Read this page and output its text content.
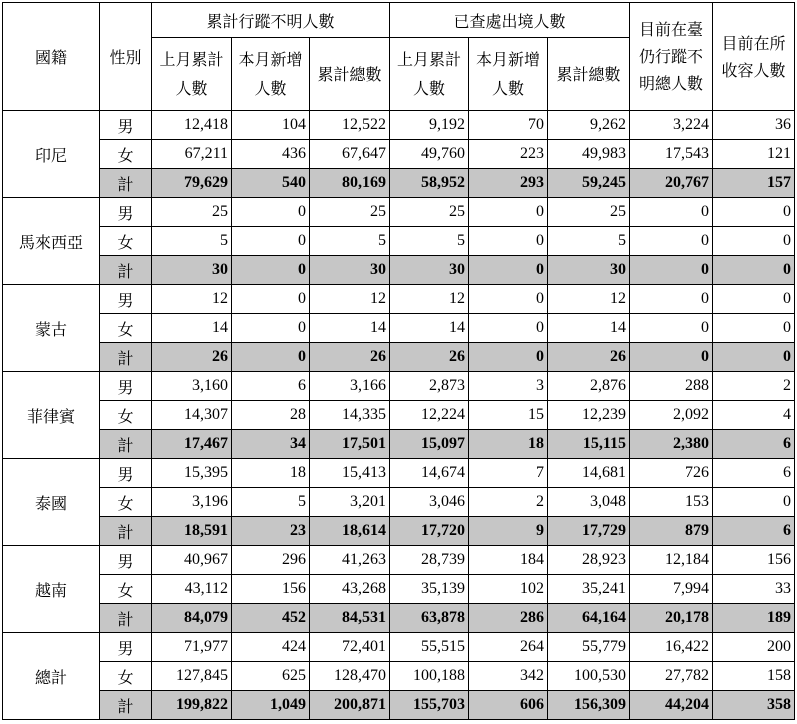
國籍	性別	累計行蹤不明人數			已查處出境人數			目前在臺仍行蹤不明總人數	目前在所收容人數
		上月累計人數	本月新增人數	累計總數	上月累計人數	本月新增人數	累計總數		
印尼	男	12,418	104	12,522	9,192	70	9,262	3,224	36
	女	67,211	436	67,647	49,760	223	49,983	17,543	121
	計	79,629	540	80,169	58,952	293	59,245	20,767	157
馬來西亞	男	25	0	25	25	0	25	0	0
	女	5	0	5	5	0	5	0	0
	計	30	0	30	30	0	30	0	0
蒙古	男	12	0	12	12	0	12	0	0
	女	14	0	14	14	0	14	0	0
	計	26	0	26	26	0	26	0	0
菲律賓	男	3,160	6	3,166	2,873	3	2,876	288	2
	女	14,307	28	14,335	12,224	15	12,239	2,092	4
	計	17,467	34	17,501	15,097	18	15,115	2,380	6
泰國	男	15,395	18	15,413	14,674	7	14,681	726	6
	女	3,196	5	3,201	3,046	2	3,048	153	0
	計	18,591	23	18,614	17,720	9	17,729	879	6
越南	男	40,967	296	41,263	28,739	184	28,923	12,184	156
	女	43,112	156	43,268	35,139	102	35,241	7,994	33
	計	84,079	452	84,531	63,878	286	64,164	20,178	189
總計	男	71,977	424	72,401	55,515	264	55,779	16,422	200
	女	127,845	625	128,470	100,188	342	100,530	27,782	158
	計	199,822	1,049	200,871	155,703	606	156,309	44,204	358
